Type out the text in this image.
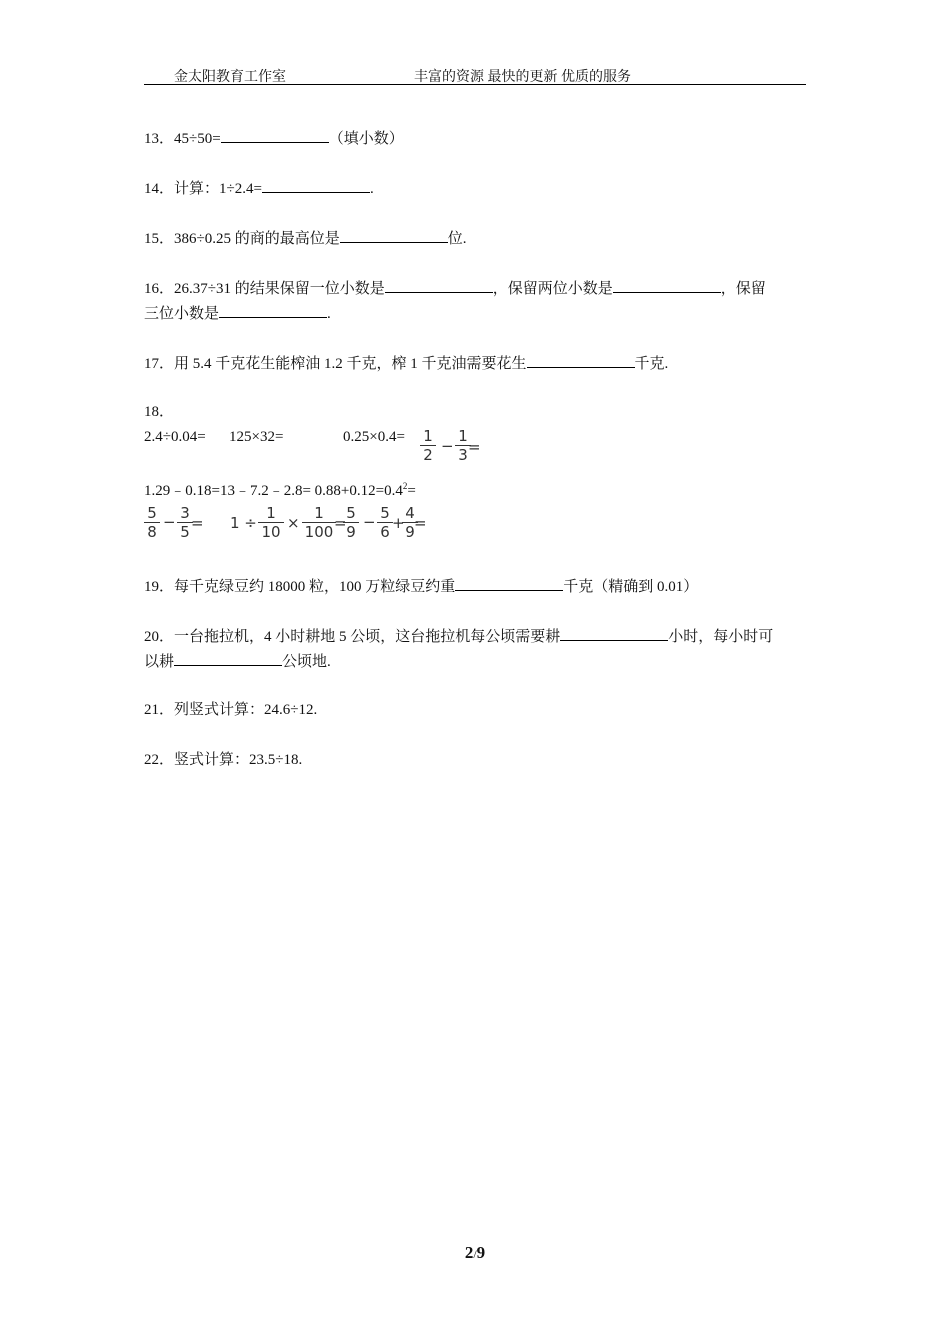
金太阳教育工作室	丰富的资源 最快的更新 优质的服务
13．45÷50=	（填小数）
14．计算：1÷2.4=	.
15．386÷0.25 的商的最高位是	位.
16．26.37÷31 的结果保留一位小数是	，保留两位小数是	，保留
三位小数是	.
17．用 5.4 千克花生能榨油 1.2 千克，榨 1 千克油需要花生	千克.
18．
2.4÷0.04= 125×32=	0.25×0.4= 1
2 −
1
3 =
1.29﹣0.18=13﹣7.2﹣2.8= $0.88+0.12=0.4^2=$
5
8
− 3
5 = 1 ÷
1
10 ×
1
100 =
5
9
− 5
6 +
4
9 =
19．每千克绿豆约 18000 粒，100 万粒绿豆约重	千克（精确到 0.01）
20．一台拖拉机，4 小时耕地 5 公顷，这台拖拉机每公顷需要耕	小时，每小时可
以耕	公顷地.
21．列竖式计算：24.6÷12.
22．竖式计算：23.5÷18.
2/9
